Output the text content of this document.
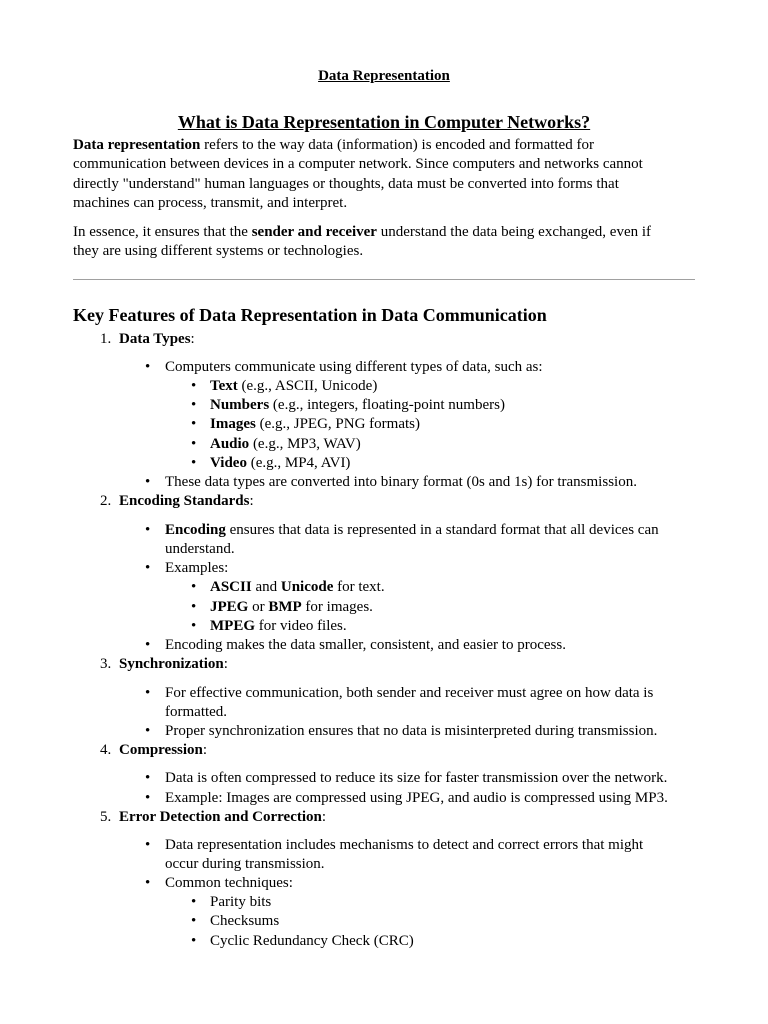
Data Representation
What is Data Representation in Computer Networks?

Data representation refers to the way data (information) is encoded and formatted for
communication between devices in a computer network. Since computers and networks cannot
directly "understand" human languages or thoughts, data must be converted into forms that
machines can process, transmit, and interpret.

In essence, it ensures that the sender and receiver understand the data being exchanged, even if
they are using different systems or technologies.

Key Features of Data Representation in Data Communication
1. Data Types:
• Computers communicate using different types of data, such as:
• Text (e.g., ASCII, Unicode)
• Numbers (e.g., integers, floating-point numbers)
• Images (e.g., JPEG, PNG formats)
• Audio (e.g., MP3, WAV)
• Video (e.g., MP4, AVI)
• These data types are converted into binary format (0s and 1s) for transmission.
2. Encoding Standards:
• Encoding ensures that data is represented in a standard format that all devices can
understand.
• Examples:
• ASCII and Unicode for text.
• JPEG or BMP for images.
• MPEG for video files.
• Encoding makes the data smaller, consistent, and easier to process.
3. Synchronization:
• For effective communication, both sender and receiver must agree on how data is
formatted.
• Proper synchronization ensures that no data is misinterpreted during transmission.
4. Compression:
• Data is often compressed to reduce its size for faster transmission over the network.
• Example: Images are compressed using JPEG, and audio is compressed using MP3.
5. Error Detection and Correction:
• Data representation includes mechanisms to detect and correct errors that might
occur during transmission.
• Common techniques:
• Parity bits
• Checksums
• Cyclic Redundancy Check (CRC)
